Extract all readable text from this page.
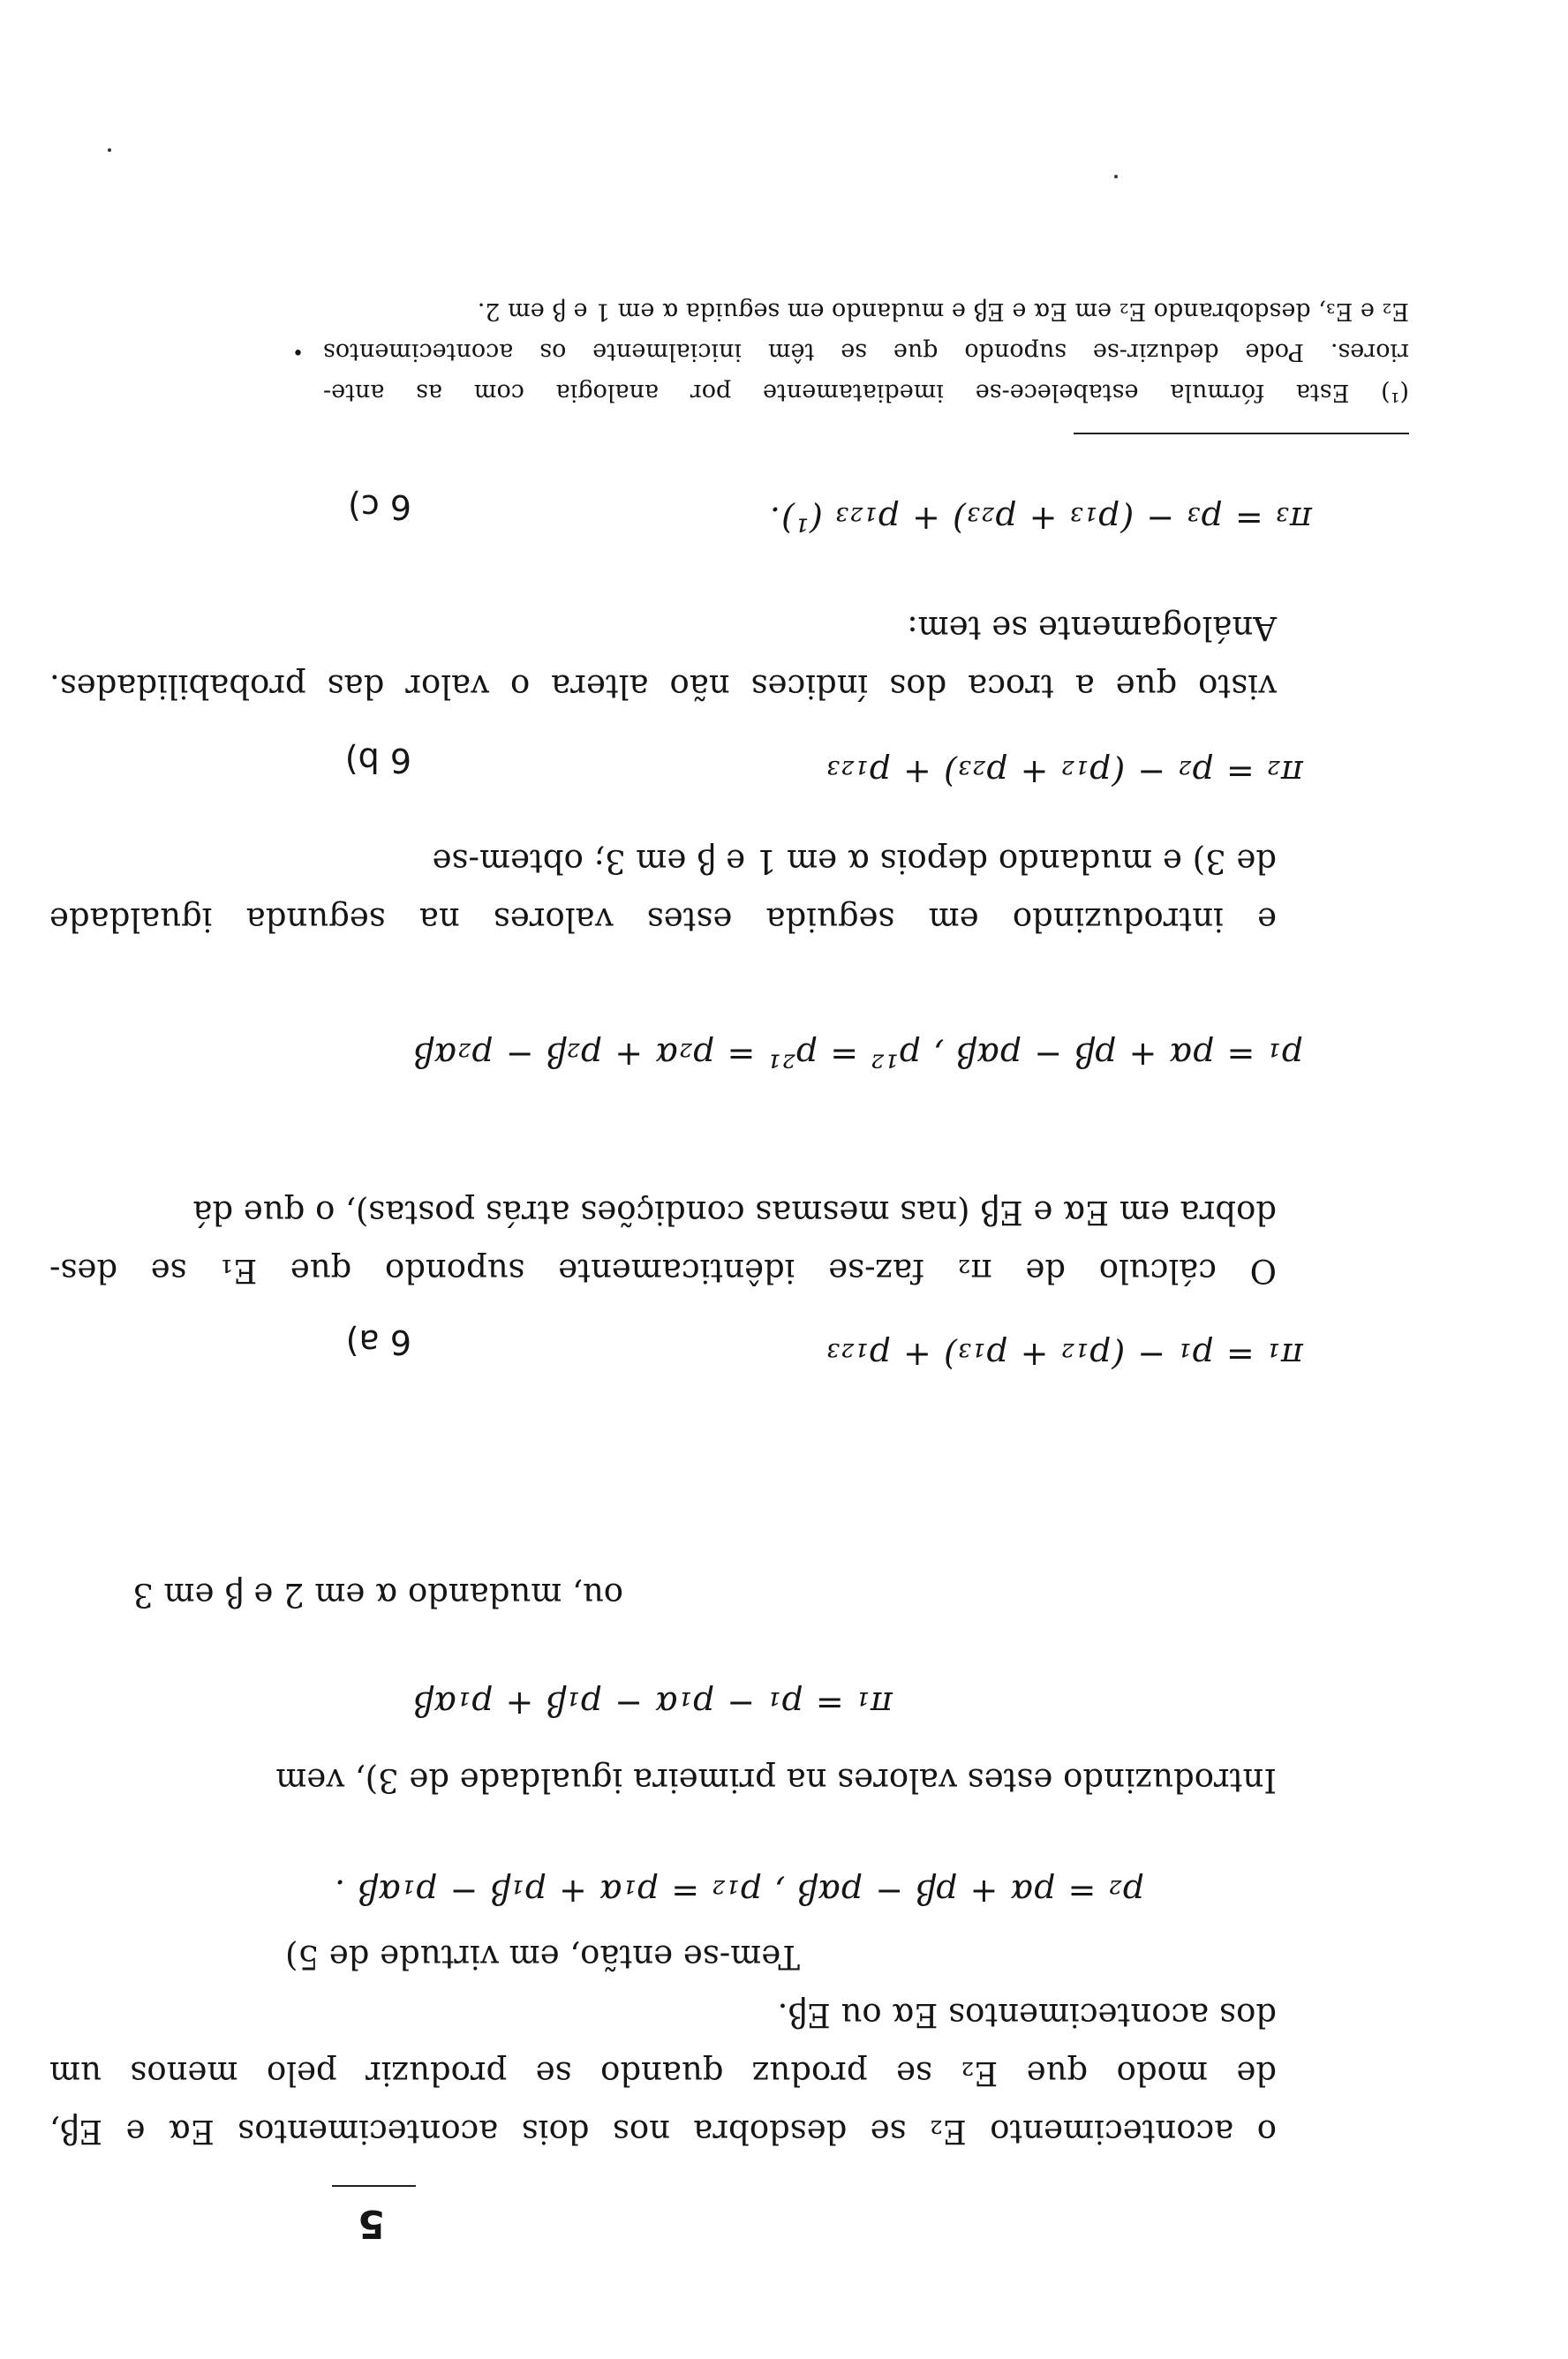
5
o acontecimento E₂ se desdobra nos dois acontecimentos Eα e Eβ,
de modo que E₂ se produz quando se produzir pelo menos um
dos acontecimentos Eα ou Eβ.
Tem-se então, em virtude de 5)
p₂ = pα + pβ − pαβ , p₁₂ = p₁α + p₁β − p₁αβ .
Introduzindo estes valores na primeira igualdade de 3), vem
π₁ = p₁ − p₁α − p₁β + p₁αβ
ou, mudando α em 2 e β em 3
6 a)	π₁ = p₁ − (p₁₂ + p₁₃) + p₁₂₃
O cálculo de π₂ faz-se idênticamente supondo que E₁ se des-
dobra em Eα e Eβ (nas mesmas condições atrás postas), o que dá
p₁ = pα + pβ − pαβ , p¹² = p²¹ = p₂α + p₂β − p₂αβ
e introduzindo em seguida estes valores na segunda igualdade
de 3) e mudando depois α em 1 e β em 3; obtem-se
6 b)	π₂ = p₂ − (p₁₂ + p₂₃) + p₁₂₃
visto que a troca dos índices não altera o valor das probabilidades.
Análogamente se tem:
6 c)	π₃ = p₃ − (p₁₃ + p₂₃) + p₁₂₃ (¹).
(¹) Esta fórmula estabelece-se imediatamente por analogia com as ante-
riores. Pode deduzir-se supondo que se têm inicialmente os acontecimentos
E₂ e E₃, desdobrando E₂ em Eα e Eβ e mudando em seguida α em 1 e β em 2.
•
